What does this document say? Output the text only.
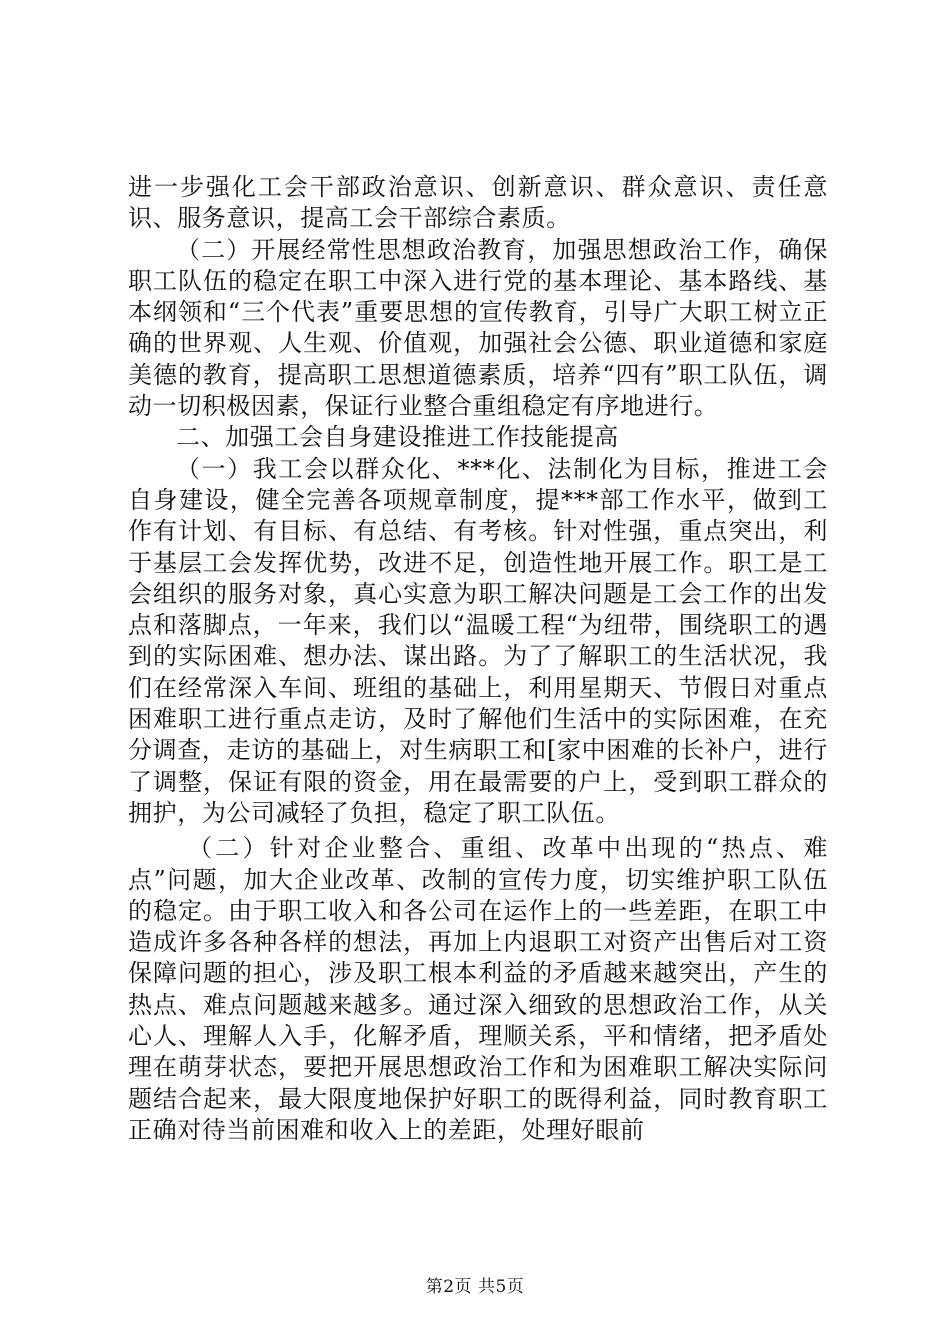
进一步强化工会干部政治意识、创新意识、群众意识、责任意识、服务意识，提高工会干部综合素质。

（二）开展经常性思想政治教育，加强思想政治工作，确保职工队伍的稳定在职工中深入进行党的基本理论、基本路线、基本纲领和“三个代表”重要思想的宣传教育，引导广大职工树立正确的世界观、人生观、价值观，加强社会公德、职业道德和家庭美德的教育，提高职工思想道德素质，培养“四有”职工队伍，调动一切积极因素，保证行业整合重组稳定有序地进行。

二、加强工会自身建设推进工作技能提高

（一）我工会以群众化、***化、法制化为目标，推进工会自身建设，健全完善各项规章制度，提***部工作水平，做到工作有计划、有目标、有总结、有考核。针对性强，重点突出，利于基层工会发挥优势，改进不足，创造性地开展工作。职工是工会组织的服务对象，真心实意为职工解决问题是工会工作的出发点和落脚点，一年来，我们以“温暖工程“为纽带，围绕职工的遇到的实际困难、想办法、谋出路。为了了解职工的生活状况，我们在经常深入车间、班组的基础上，利用星期天、节假日对重点困难职工进行重点走访，及时了解他们生活中的实际困难，在充分调查，走访的基础上，对生病职工和[家中困难的长补户，进行了调整，保证有限的资金，用在最需要的户上，受到职工群众的拥护，为公司减轻了负担，稳定了职工队伍。

（二）针对企业整合、重组、改革中出现的“热点、难点”问题，加大企业改革、改制的宣传力度，切实维护职工队伍的稳定。由于职工收入和各公司在运作上的一些差距，在职工中造成许多各种各样的想法，再加上内退职工对资产出售后对工资保障问题的担心，涉及职工根本利益的矛盾越来越突出，产生的热点、难点问题越来越多。通过深入细致的思想政治工作，从关心人、理解人入手，化解矛盾，理顺关系，平和情绪，把矛盾处理在萌芽状态，要把开展思想政治工作和为困难职工解决实际问题结合起来，最大限度地保护好职工的既得利益，同时教育职工正确对待当前困难和收入上的差距，处理好眼前

第2页 共5页
